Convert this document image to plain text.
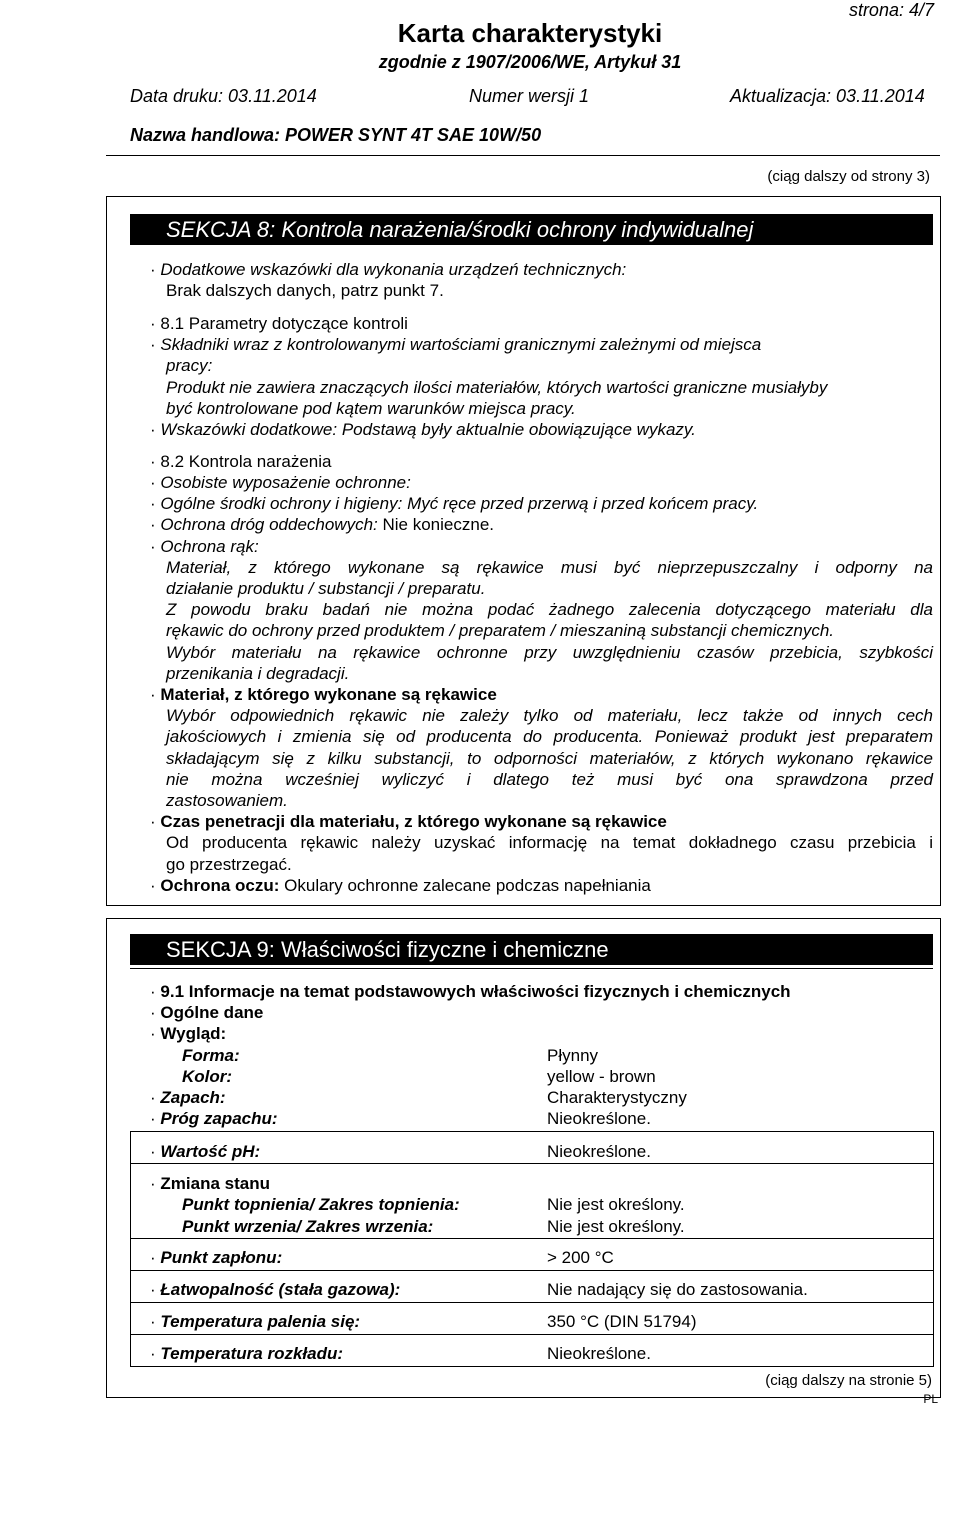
strona: 4/7
Karta charakterystyki
zgodnie z 1907/2006/WE, Artykuł 31
Data druku: 03.11.2014	Numer wersji 1	Aktualizacja: 03.11.2014
Nazwa handlowa: POWER SYNT 4T SAE 10W/50
(ciąg dalszy od strony 3)
SEKCJA 8: Kontrola narażenia/środki ochrony indywidualnej
· Dodatkowe wskazówki dla wykonania urządzeń technicznych:
Brak dalszych danych, patrz punkt 7.
· 8.1 Parametry dotyczące kontroli
· Składniki wraz z kontrolowanymi wartościami granicznymi zależnymi od miejsca
pracy:
Produkt nie zawiera znaczących ilości materiałów, których wartości graniczne musiałyby
być kontrolowane pod kątem warunków miejsca pracy.
· Wskazówki dodatkowe: Podstawą były aktualnie obowiązujące wykazy.
· 8.2 Kontrola narażenia
· Osobiste wyposażenie ochronne:
· Ogólne środki ochrony i higieny: Myć ręce przed przerwą i przed końcem pracy.
· Ochrona dróg oddechowych: Nie konieczne.
· Ochrona rąk:
Materiał, z którego wykonane są rękawice musi być nieprzepuszczalny i odporny na
działanie produktu / substancji / preparatu.
Z powodu braku badań nie można podać żadnego zalecenia dotyczącego materiału dla
rękawic do ochrony przed produktem / preparatem / mieszaniną substancji chemicznych.
Wybór materiału na rękawice ochronne przy uwzględnieniu czasów przebicia, szybkości
przenikania i degradacji.
· Materiał, z którego wykonane są rękawice
Wybór odpowiednich rękawic nie zależy tylko od materiału, lecz także od innych cech
jakościowych i zmienia się od producenta do producenta. Ponieważ produkt jest preparatem
składającym się z kilku substancji, to odporności materiałów, z których wykonano rękawice
nie można wcześniej wyliczyć i dlatego też musi być ona sprawdzona przed
zastosowaniem.
· Czas penetracji dla materiału, z którego wykonane są rękawice
Od producenta rękawic należy uzyskać informację na temat dokładnego czasu przebicia i
go przestrzegać.
· Ochrona oczu: Okulary ochronne zalecane podczas napełniania
SEKCJA 9: Właściwości fizyczne i chemiczne
· 9.1 Informacje na temat podstawowych właściwości fizycznych i chemicznych
· Ogólne dane
· Wygląd:
Forma:	Płynny
Kolor:	yellow - brown
· Zapach:	Charakterystyczny
· Próg zapachu:	Nieokreślone.
· Wartość pH:	Nieokreślone.
· Zmiana stanu
Punkt topnienia/ Zakres topnienia:	Nie jest określony.
Punkt wrzenia/ Zakres wrzenia:	Nie jest określony.
· Punkt zapłonu:	> 200 °C
· Łatwopalność (stała gazowa):	Nie nadający się do zastosowania.
· Temperatura palenia się:	350 °C (DIN 51794)
· Temperatura rozkładu:	Nieokreślone.
(ciąg dalszy na stronie 5)
PL
